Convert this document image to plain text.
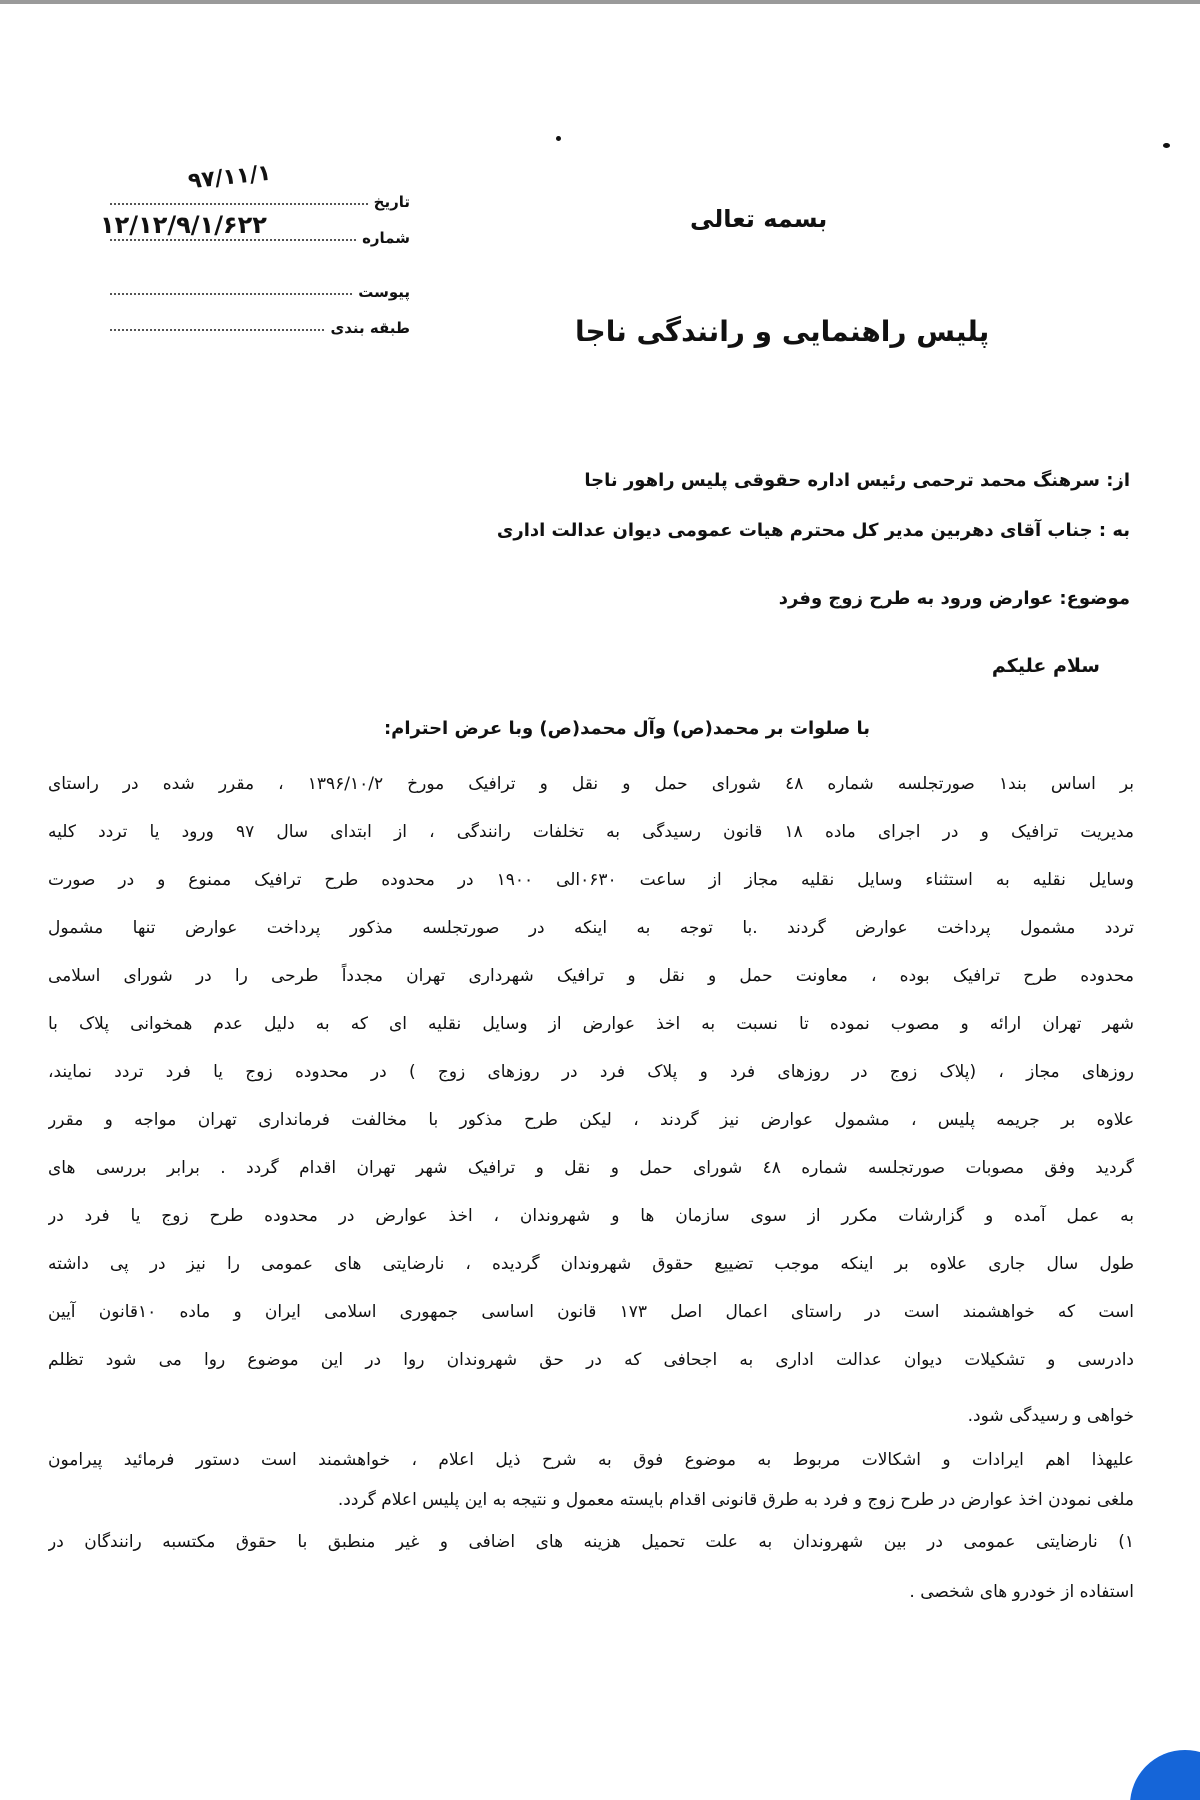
تاریخ
۹۷/۱۱/۱
شماره
۱۲/۱۲/۹/۱/۶۲۲
پیوست
طبقه بندی
بسمه تعالی
پلیس راهنمایی و رانندگی ناجا
از: سرهنگ محمد ترحمی رئیس اداره حقوقی پلیس راهور ناجا
به : جناب آقای دهربین مدیر کل محترم هیات عمومی دیوان عدالت اداری
موضوع: عوارض ورود به طرح زوج وفرد
سلام علیکم
با صلوات بر محمد(ص) وآل محمد(ص) وبا عرض احترام:
بر اساس بند۱ صورتجلسه شماره ٤٨ شورای حمل و نقل و ترافیک مورخ ۱۳۹۶/۱۰/۲ ، مقرر شده در راستای
مدیریت ترافیک و در اجرای ماده ۱۸ قانون رسیدگی به تخلفات رانندگی ، از ابتدای سال ۹۷ ورود یا تردد کلیه
وسایل نقلیه به استثناء وسایل نقلیه مجاز از ساعت ۰۶۳۰الی ۱۹۰۰ در محدوده طرح ترافیک ممنوع و در صورت
تردد مشمول پرداخت عوارض گردند .با توجه به اینکه در صورتجلسه مذکور پرداخت عوارض تنها مشمول
محدوده طرح ترافیک بوده ، معاونت حمل و نقل و ترافیک شهرداری تهران مجدداً طرحی را در شورای اسلامی
شهر تهران ارائه و مصوب نموده تا نسبت به اخذ عوارض از وسایل نقلیه ای که به دلیل عدم همخوانی پلاک با
روزهای مجاز ، (پلاک زوج در روزهای فرد و پلاک فرد در روزهای زوج ) در محدوده زوج یا فرد تردد نمایند،
علاوه بر جریمه پلیس ، مشمول عوارض نیز گردند ، لیکن طرح مذکور با مخالفت فرمانداری تهران مواجه و مقرر
گردید وفق مصوبات صورتجلسه شماره ٤٨ شورای حمل و نقل و ترافیک شهر تهران اقدام گردد . برابر بررسی های
به عمل آمده و گزارشات مکرر از سوی سازمان ها و شهروندان ، اخذ عوارض در محدوده طرح زوج یا فرد در
طول سال جاری علاوه بر اینکه موجب تضییع حقوق شهروندان گردیده ، نارضایتی های عمومی را نیز در پی داشته
است که خواهشمند است در راستای اعمال اصل ۱۷۳ قانون اساسی جمهوری اسلامی ایران و ماده ۱۰قانون آیین
دادرسی و تشکیلات دیوان عدالت اداری به اجحافی که در حق شهروندان روا در این موضوع روا می شود تظلم
خواهی و رسیدگی شود.
علیهذا اهم ایرادات و اشکالات مربوط به موضوع فوق به شرح ذیل اعلام ، خواهشمند است دستور فرمائید پیرامون
ملغی نمودن اخذ عوارض در طرح زوج و فرد به طرق قانونی اقدام بایسته معمول و نتیجه به این پلیس اعلام گردد.
۱) نارضایتی عمومی در بین شهروندان به علت تحمیل هزینه های اضافی و غیر منطبق با حقوق مکتسبه رانندگان در
استفاده از خودرو های شخصی .
